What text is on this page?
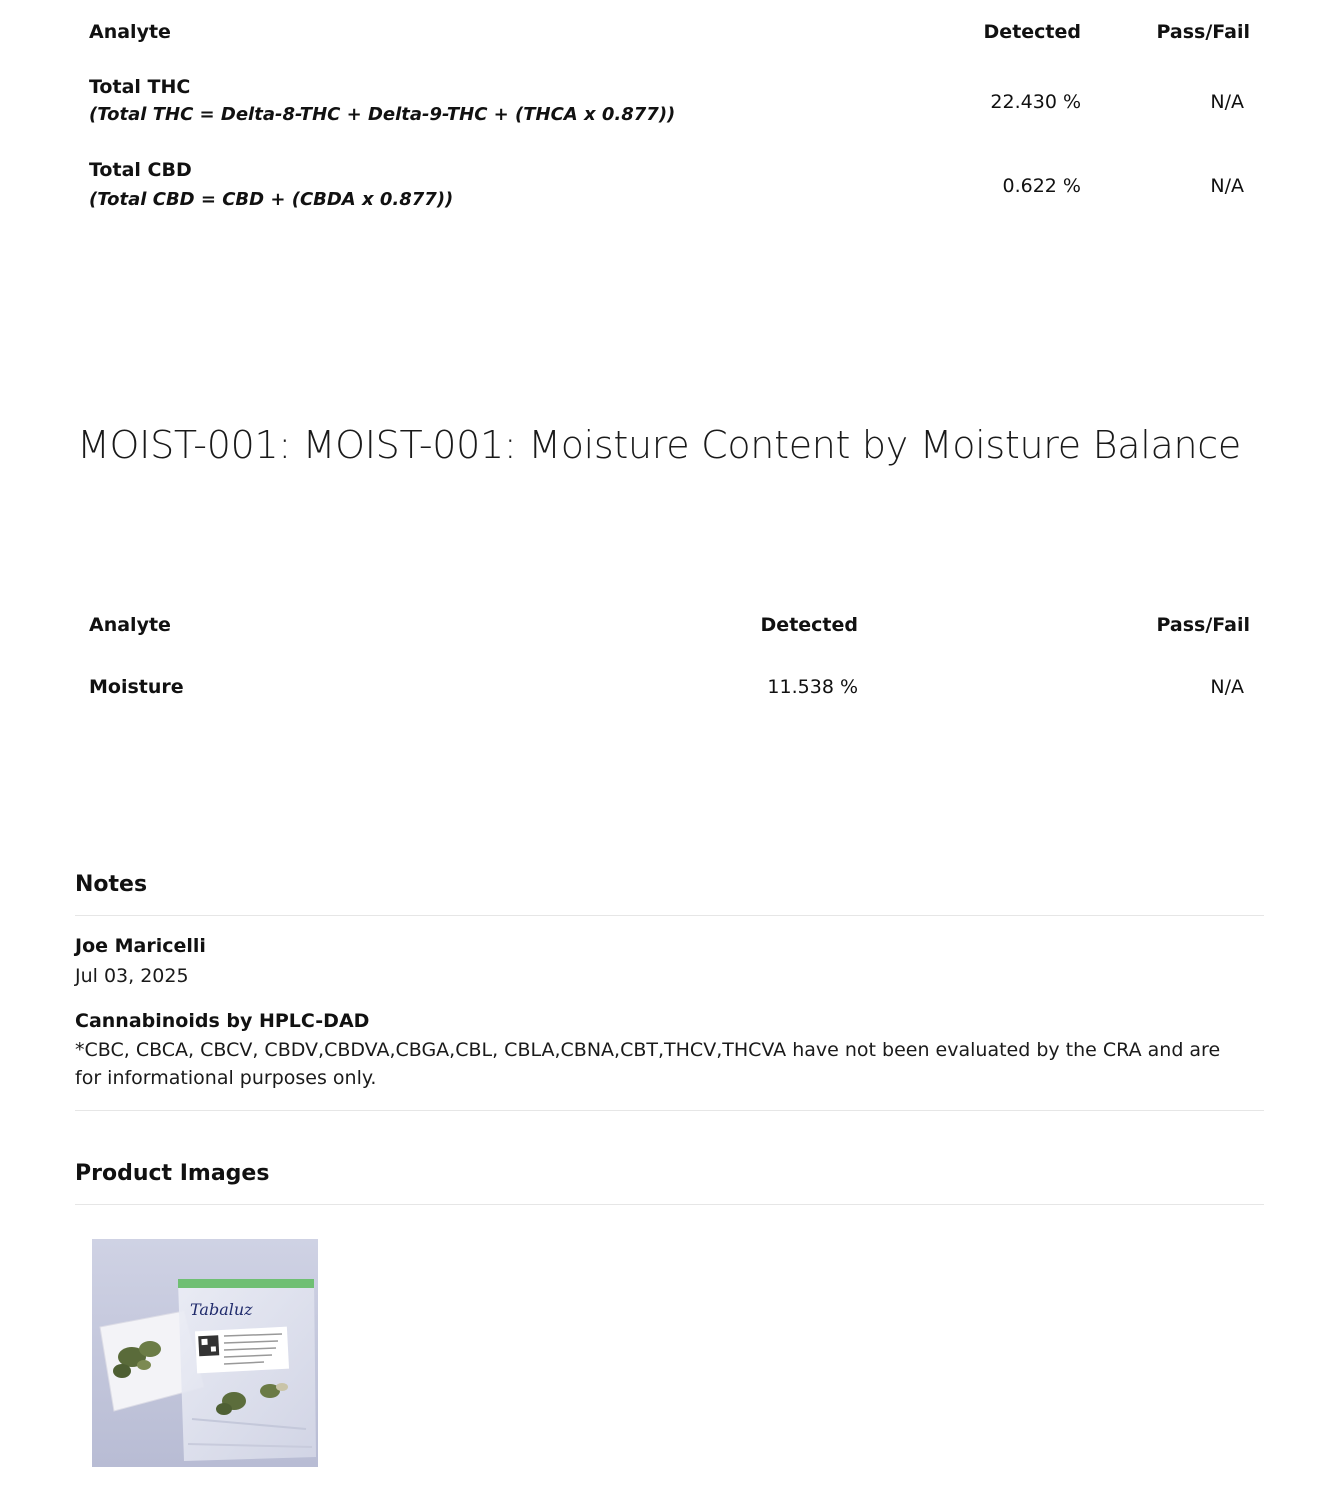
Analyte	Detected	Pass/Fail
Total THC
(Total THC = Delta-8-THC + Delta-9-THC + (THCA x 0.877))
22.430 %	N/A
Total CBD
(Total CBD = CBD + (CBDA x 0.877))
0.622 %	N/A
MOIST-001: MOIST-001: Moisture Content by Moisture Balance
Analyte	Detected	Pass/Fail
Moisture	11.538 %	N/A
Notes
Joe Maricelli
Jul 03, 2025
Cannabinoids by HPLC-DAD
*CBC, CBCA, CBCV, CBDV,CBDVA,CBGA,CBL, CBLA,CBNA,CBT,THCV,THCVA have not been evaluated by the CRA and are for informational purposes only.
Product Images
Tabaluz
